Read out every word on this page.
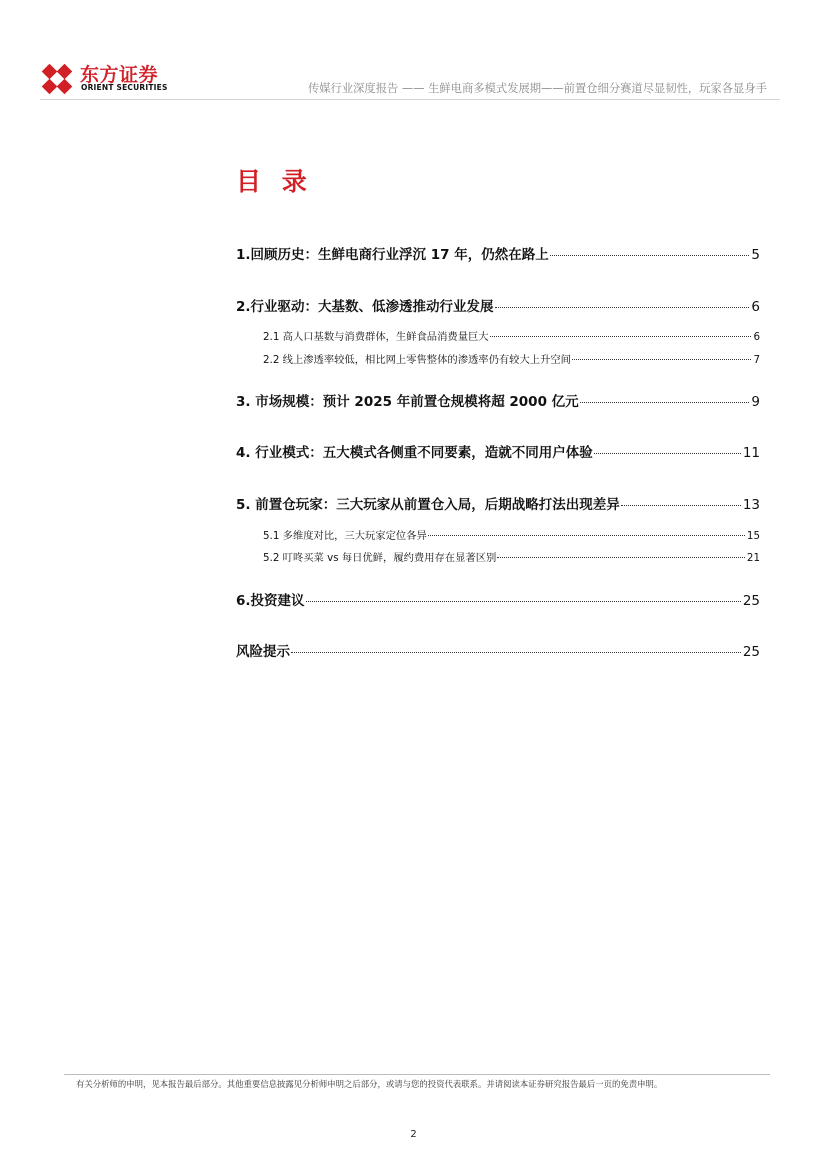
东方证券
ORIENT SECURITIES	传媒行业深度报告 —— 生鲜电商多模式发展期——前置仓细分赛道尽显韧性，玩家各显身手
目 录
1.回顾历史：生鲜电商行业浮沉 17 年，仍然在路上	5
2.行业驱动：大基数、低渗透推动行业发展	6
2.1 高人口基数与消费群体，生鲜食品消费量巨大	6
2.2 线上渗透率较低，相比网上零售整体的渗透率仍有较大上升空间	7
3. 市场规模：预计 2025 年前置仓规模将超 2000 亿元	9
4. 行业模式：五大模式各侧重不同要素，造就不同用户体验	11
5. 前置仓玩家：三大玩家从前置仓入局，后期战略打法出现差异	13
5.1 多维度对比，三大玩家定位各异	15
5.2 叮咚买菜 vs 每日优鲜，履约费用存在显著区别	21
6.投资建议	25
风险提示	25
有关分析师的申明，见本报告最后部分。其他重要信息披露见分析师申明之后部分，或请与您的投资代表联系。并请阅读本证券研究报告最后一页的免责申明。
2
